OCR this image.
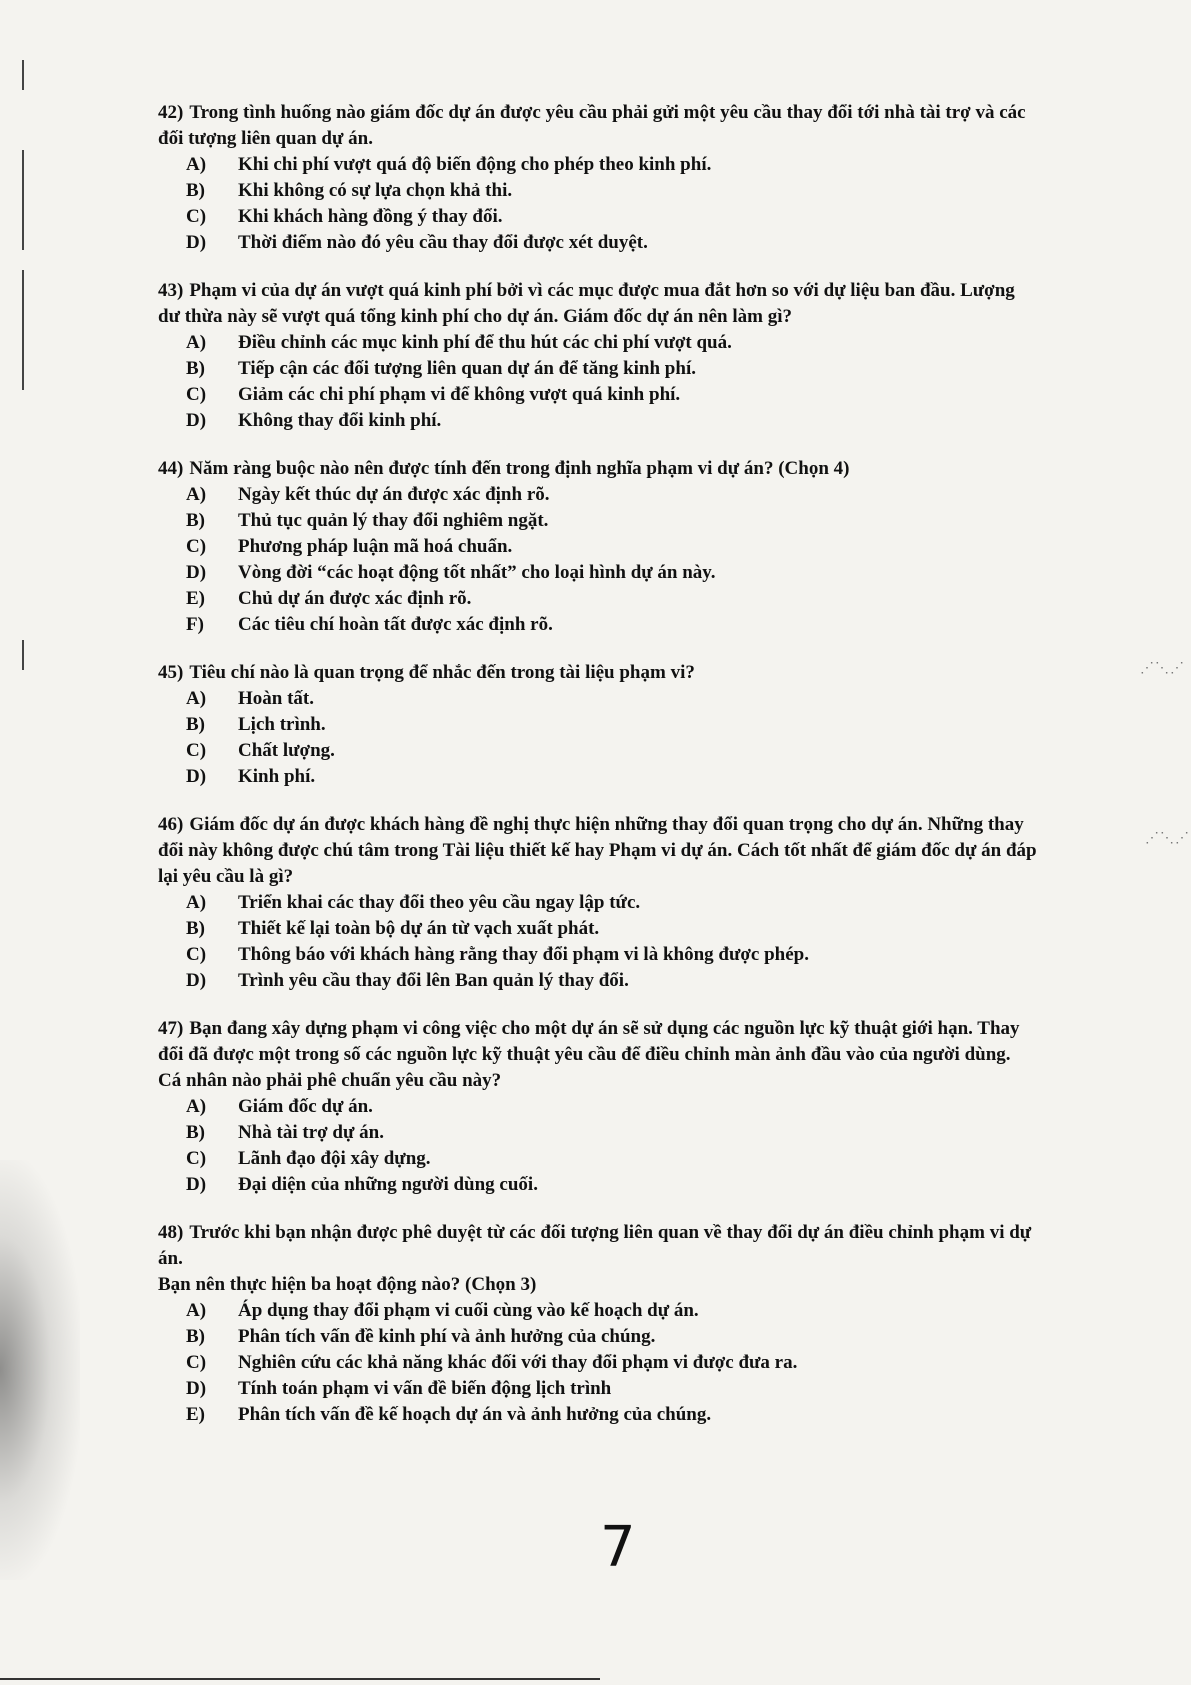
⋰⋱⋰
⋰⋱⋰
42) Trong tình huống nào giám đốc dự án được yêu cầu phải gửi một yêu cầu thay đổi tới nhà tài trợ và các đối tượng liên quan dự án.
A)	Khi chi phí vượt quá độ biến động cho phép theo kinh phí.
B)	Khi không có sự lựa chọn khả thi.
C)	Khi khách hàng đồng ý thay đổi.
D)	Thời điểm nào đó yêu cầu thay đổi được xét duyệt.
43) Phạm vi của dự án vượt quá kinh phí bởi vì các mục được mua đắt hơn so với dự liệu ban đầu. Lượng dư thừa này sẽ vượt quá tổng kinh phí cho dự án. Giám đốc dự án nên làm gì?
A)	Điều chỉnh các mục kinh phí để thu hút các chi phí vượt quá.
B)	Tiếp cận các đối tượng liên quan dự án để tăng kinh phí.
C)	Giảm các chi phí phạm vi để không vượt quá kinh phí.
D)	Không thay đổi kinh phí.
44) Năm ràng buộc nào nên được tính đến trong định nghĩa phạm vi dự án? (Chọn 4)
A)	Ngày kết thúc dự án được xác định rõ.
B)	Thủ tục quản lý thay đổi nghiêm ngặt.
C)	Phương pháp luận mã hoá chuẩn.
D)	Vòng đời “các hoạt động tốt nhất” cho loại hình dự án này.
E)	Chủ dự án được xác định rõ.
F)	Các tiêu chí hoàn tất được xác định rõ.
45) Tiêu chí nào là quan trọng để nhắc đến trong tài liệu phạm vi?
A)	Hoàn tất.
B)	Lịch trình.
C)	Chất lượng.
D)	Kinh phí.
46) Giám đốc dự án được khách hàng đề nghị thực hiện những thay đổi quan trọng cho dự án. Những thay đổi này không được chú tâm trong Tài liệu thiết kế hay Phạm vi dự án. Cách tốt nhất để giám đốc dự án đáp lại yêu cầu là gì?
A)	Triển khai các thay đổi theo yêu cầu ngay lập tức.
B)	Thiết kế lại toàn bộ dự án từ vạch xuất phát.
C)	Thông báo với khách hàng rằng thay đổi phạm vi là không được phép.
D)	Trình yêu cầu thay đổi lên Ban quản lý thay đổi.
47) Bạn đang xây dựng phạm vi công việc cho một dự án sẽ sử dụng các nguồn lực kỹ thuật giới hạn. Thay đổi đã được một trong số các nguồn lực kỹ thuật yêu cầu để điều chỉnh màn ảnh đầu vào của người dùng. Cá nhân nào phải phê chuẩn yêu cầu này?
A)	Giám đốc dự án.
B)	Nhà tài trợ dự án.
C)	Lãnh đạo đội xây dựng.
D)	Đại diện của những người dùng cuối.
48) Trước khi bạn nhận được phê duyệt từ các đối tượng liên quan về thay đổi dự án điều chỉnh phạm vi dự án.
Bạn nên thực hiện ba hoạt động nào? (Chọn 3)
A)	Áp dụng thay đổi phạm vi cuối cùng vào kế hoạch dự án.
B)	Phân tích vấn đề kinh phí và ảnh hưởng của chúng.
C)	Nghiên cứu các khả năng khác đối với thay đổi phạm vi được đưa ra.
D)	Tính toán phạm vi vấn đề biến động lịch trình
E)	Phân tích vấn đề kế hoạch dự án và ảnh hưởng của chúng.
7
